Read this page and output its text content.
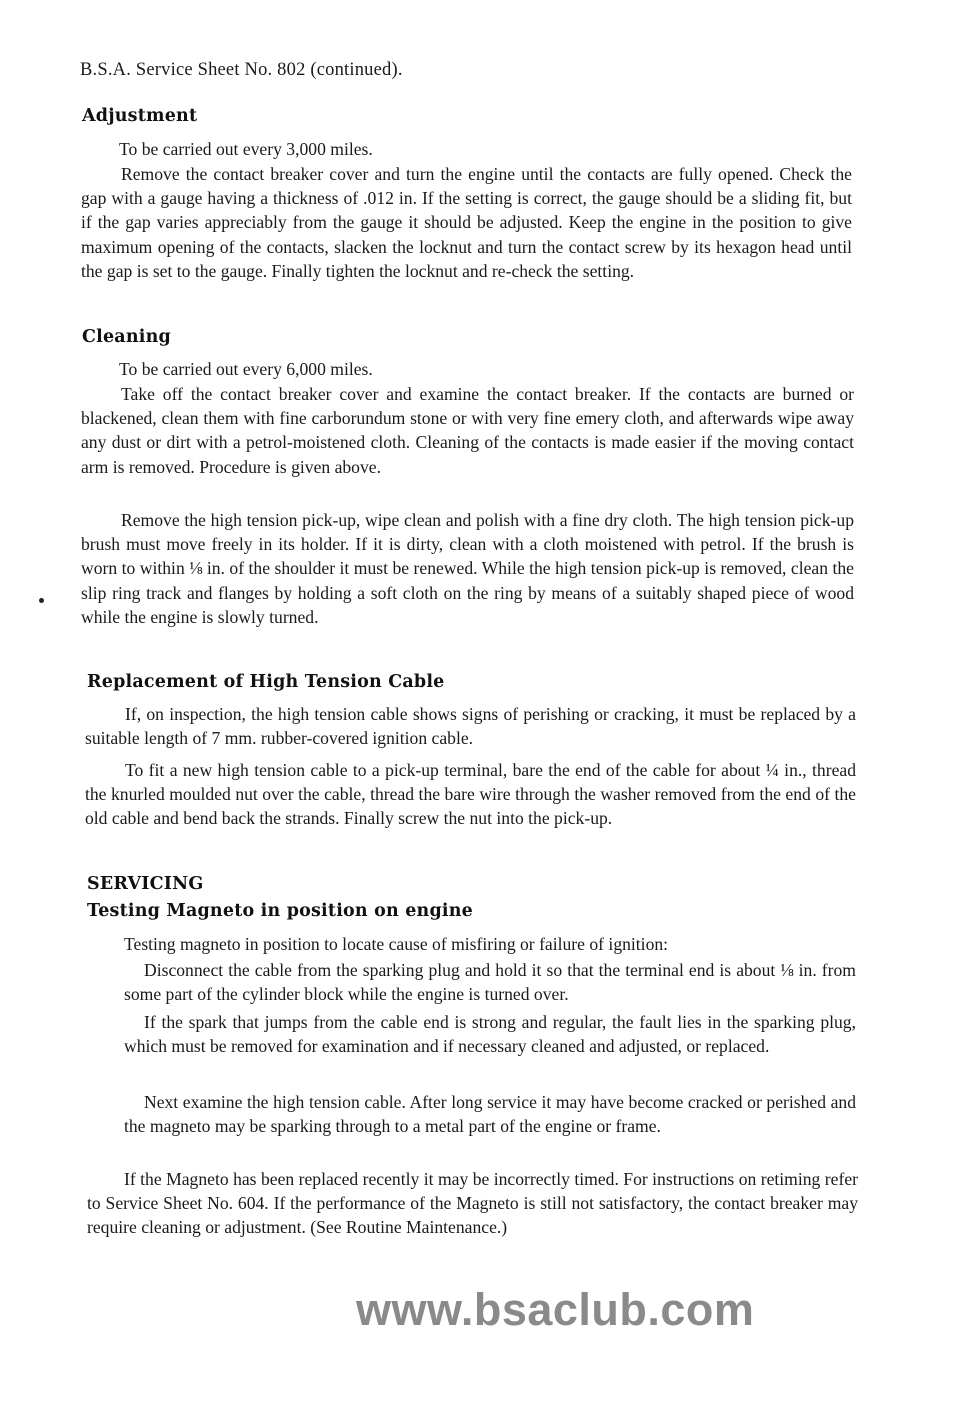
B.S.A. Service Sheet No. 802 (continued).
Adjustment
To be carried out every 3,000 miles.
Remove the contact breaker cover and turn the engine until the contacts are fully opened. Check the gap with a gauge having a thickness of .012 in. If the setting is correct, the gauge should be a sliding fit, but if the gap varies appreciably from the gauge it should be adjusted. Keep the engine in the position to give maximum opening of the contacts, slacken the locknut and turn the contact screw by its hexagon head until the gap is set to the gauge. Finally tighten the locknut and re-check the setting.
Cleaning
To be carried out every 6,000 miles.
Take off the contact breaker cover and examine the contact breaker. If the contacts are burned or blackened, clean them with fine carborundum stone or with very fine emery cloth, and afterwards wipe away any dust or dirt with a petrol-moistened cloth. Cleaning of the contacts is made easier if the moving contact arm is removed. Procedure is given above.
Remove the high tension pick-up, wipe clean and polish with a fine dry cloth. The high tension pick-up brush must move freely in its holder. If it is dirty, clean with a cloth moistened with petrol. If the brush is worn to within ⅛ in. of the shoulder it must be renewed. While the high tension pick-up is removed, clean the slip ring track and flanges by holding a soft cloth on the ring by means of a suitably shaped piece of wood while the engine is slowly turned.
Replacement of High Tension Cable
If, on inspection, the high tension cable shows signs of perishing or cracking, it must be replaced by a suitable length of 7 mm. rubber-covered ignition cable.
To fit a new high tension cable to a pick-up terminal, bare the end of the cable for about ¼ in., thread the knurled moulded nut over the cable, thread the bare wire through the washer removed from the end of the old cable and bend back the strands. Finally screw the nut into the pick-up.
SERVICING
Testing Magneto in position on engine
Testing magneto in position to locate cause of misfiring or failure of ignition:
Disconnect the cable from the sparking plug and hold it so that the terminal end is about ⅛ in. from some part of the cylinder block while the engine is turned over.
If the spark that jumps from the cable end is strong and regular, the fault lies in the sparking plug, which must be removed for examination and if necessary cleaned and adjusted, or replaced.
Next examine the high tension cable. After long service it may have become cracked or perished and the magneto may be sparking through to a metal part of the engine or frame.
If the Magneto has been replaced recently it may be incorrectly timed. For instructions on retiming refer to Service Sheet No. 604. If the performance of the Magneto is still not satisfactory, the contact breaker may require cleaning or adjustment. (See Routine Maintenance.)
www.bsaclub.com
